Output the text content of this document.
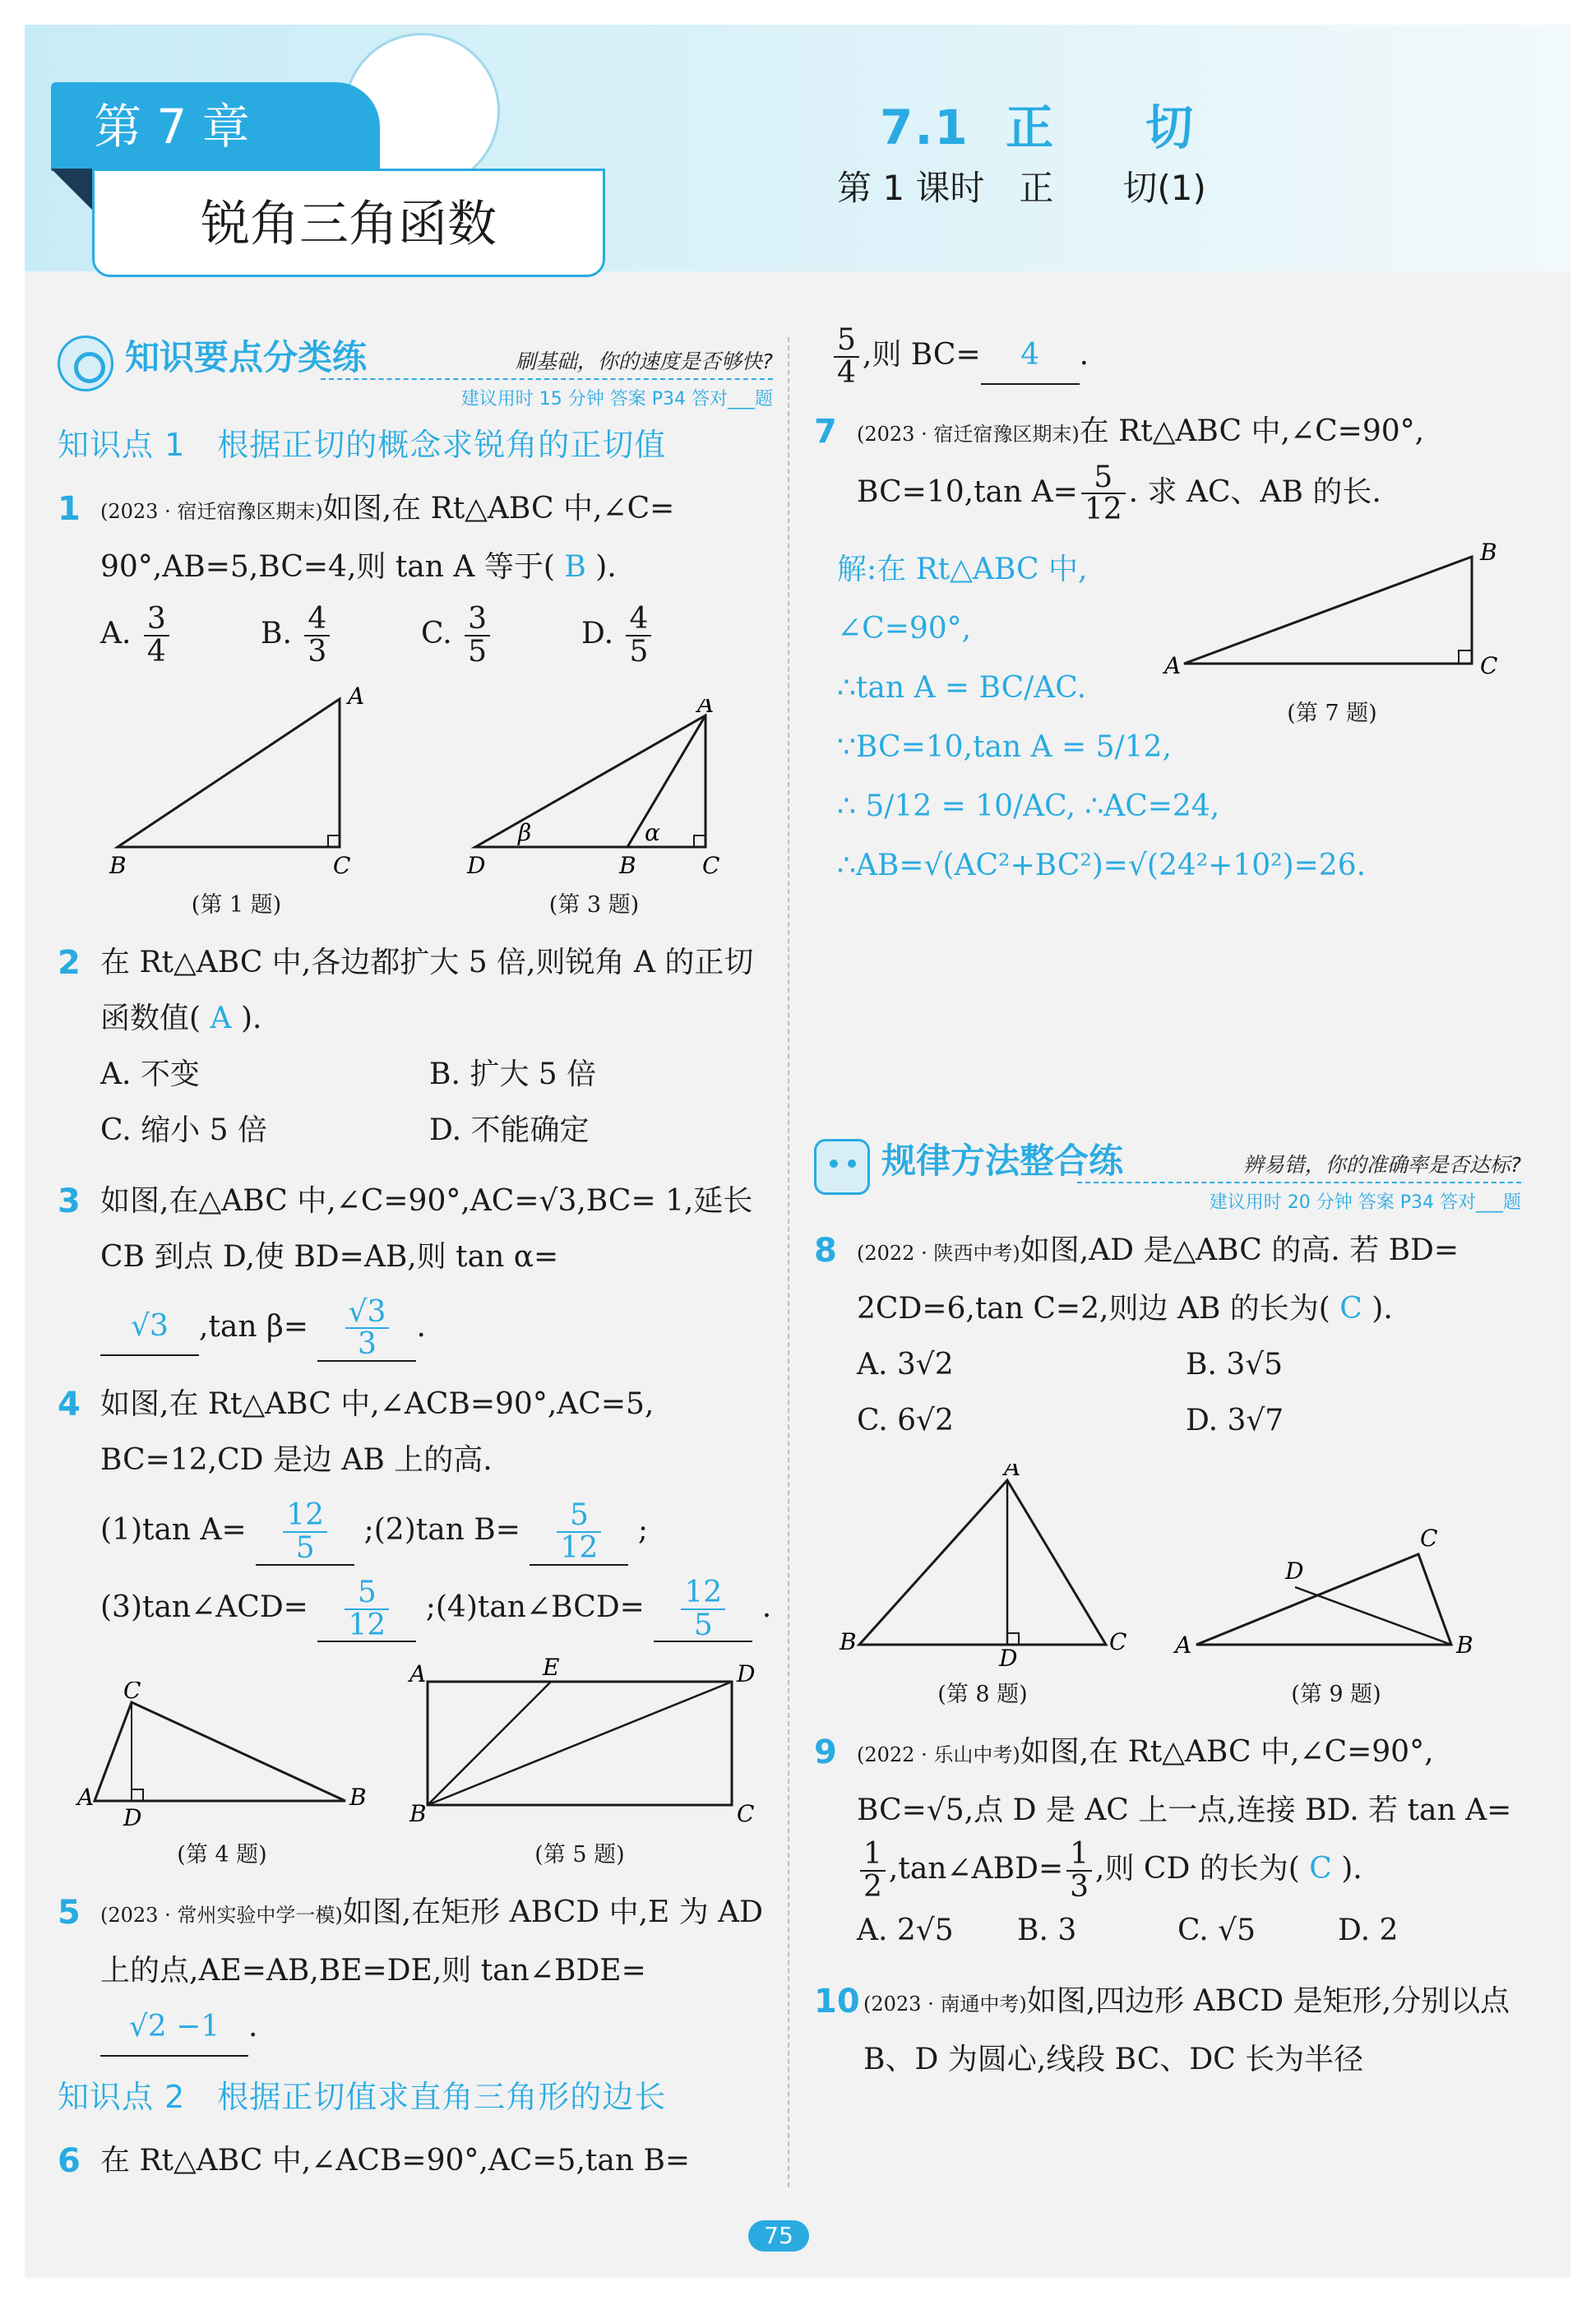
第 7 章
锐角三角函数
7.1 正 切
第 1 课时　正　　切(1)
知识要点分类练	刷基础，你的速度是否够快?
建议用时 15 分钟 答案 P34 答对___题
知识点 1　根据正切的概念求锐角的正切值
1	(2023 · 宿迁宿豫区期末)如图,在 Rt△ABC 中,∠C= 90°,AB=5,BC=4,则 tan A 等于( B ).
A. $\frac{3}{4}$	B. $\frac{4}{3}$	C. $\frac{3}{5}$	D. $\frac{4}{5}$
A
B	C
(第 1 题)
A
D	B	C
β	α
(第 3 题)
2 在 Rt△ABC 中,各边都扩大 5 倍,则锐角 A 的正切函数值( A ).
A. 不变	B. 扩大 5 倍
C. 缩小 5 倍	D. 不能确定
3 如图,在△ABC 中,∠C=90°,AC=√3,BC= 1,延长 CB 到点 D,使 BD=AB,则 tan α=
√3 ,tan $\beta= \frac{√3}{3}$ .
4 如图,在 Rt△ABC 中,∠ACB=90°,AC=5, BC=12,CD 是边 AB 上的高.
(1)tan $A= \frac{12}{5}$ ;(2)tan $B= \frac{5}{12}$ ;
(3)tan∠ACD= $\frac{5}{12}$ ;(4)tan∠BCD= $\frac{12}{5}$ .
C
A
D
B
(第 4 题)
A	E	D
B	C
(第 5 题)
5	(2023 · 常州实验中学一模)如图,在矩形 ABCD 中,E 为 AD 上的点,AE=AB,BE=DE,则 tan∠BDE=
√2 −1 .
知识点 2　根据正切值求直角三角形的边长
6 在 Rt△ABC 中,∠ACB=90°,AC=5,tan B=
$\frac{5}{4}$ ,则 BC= 4 .
7	(2023 · 宿迁宿豫区期末)在 Rt△ABC 中,∠C=90°,
BC=10,tan $A= \frac{5}{12}$ . 求 AC、AB 的长.
解:在 Rt△ABC 中,
∠C=90°,
∴tan A = BC/AC.
∵BC=10,tan A = 5/12,
∴ 5/12 = 10/AC, ∴AC=24,
∴AB=√(AC²+BC²)=√(24²+10²)=26.
B
A	C
(第 7 题)
规律方法整合练	辨易错，你的准确率是否达标?
建议用时 20 分钟 答案 P34 答对___题
8	(2022 · 陕西中考)如图,AD 是△ABC 的高. 若 BD= 2CD=6,tan C=2,则边 AB 的长为( C ).
A. 3√2	B. 3√5
C. 6√2	D. 3√7
A
B
D
C
(第 8 题)
C
D
A	B
(第 9 题)
9	(2022 · 乐山中考)如图,在 Rt△ABC 中,∠C=90°,
BC=√5,点 D 是 AC 上一点,连接 BD. 若 tan A=

$\frac{1}{2}$ ,tan∠ABD= $\frac{1}{3}$ ,则 CD 的长为( C ).
A. 2√5	B. 3	C. √5	D. 2
10 (2023 · 南通中考)如图,四边形 ABCD 是矩形,分别以点 B、D 为圆心,线段 BC、DC 长为半径
75
